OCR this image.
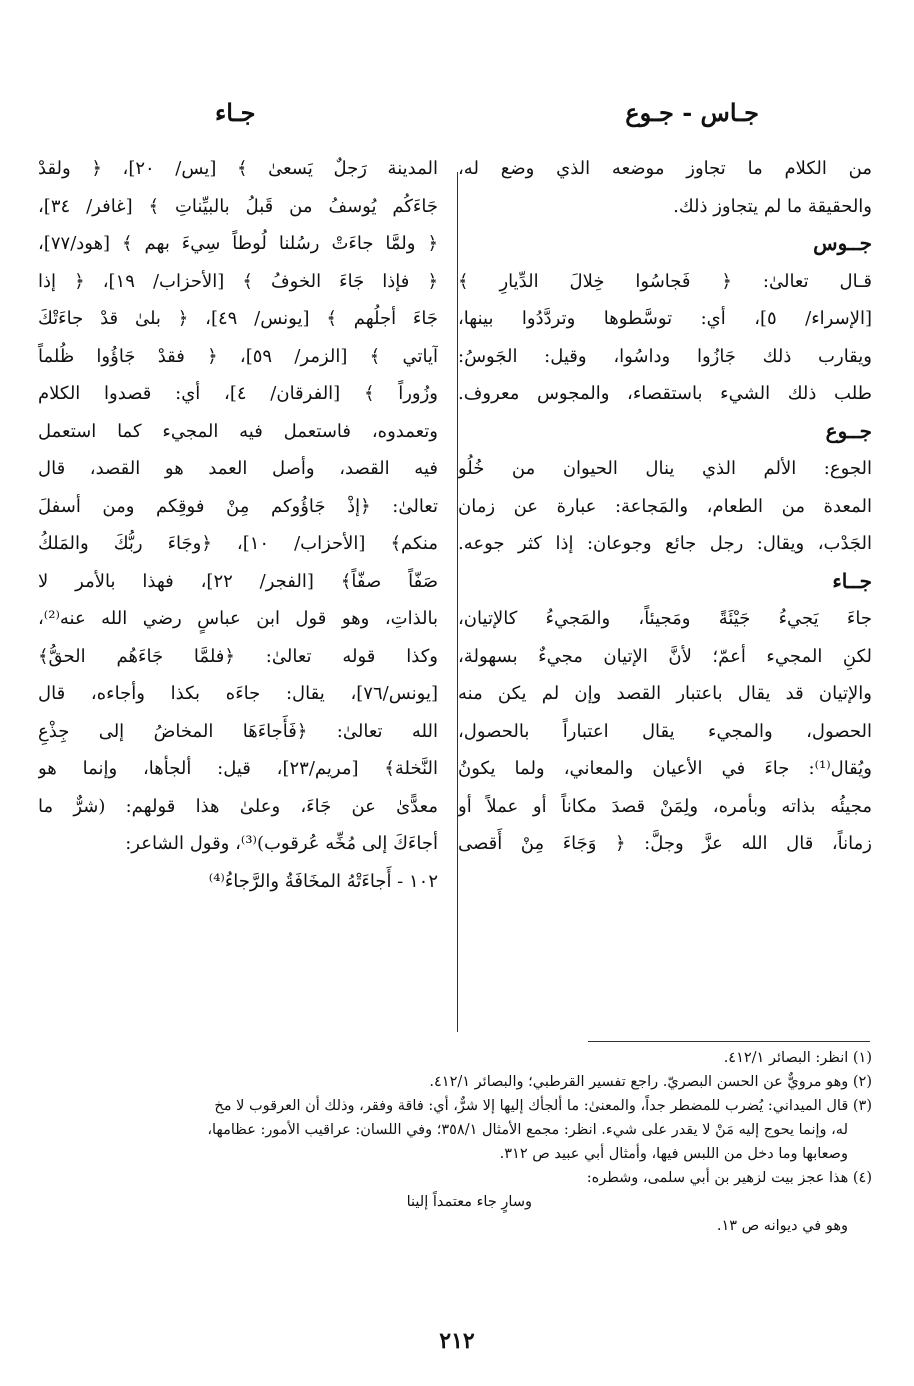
جـاس - جـوع
جـاء
من الكلام ما تجاوز موضعه الذي وضع له،
والحقيقة ما لم يتجاوز ذلك.
جــوس
قـال تعالىٰ: ﴿ فَجاسُوا خِلالَ الدِّيارِ ﴾
[الإسراء/ ٥]، أي: توسَّطوها وتردَّدُوا بينها،
ويقارب ذلك جَازُوا وداسُوا، وقيل: الجَوسُ:
طلب ذلك الشيء باستقصاء، والمجوس معروف.
جــوع
الجوع: الألم الذي ينال الحيوان من خُلُو
المعدة من الطعام، والمَجاعة: عبارة عن زمان
الجَدْب، ويقال: رجل جائع وجوعان: إذا كثر جوعه.
جــاء
جاءَ يَجيءُ جَيْئَةً ومَجيئاً، والمَجيءُ كالإتيان،
لكنِ المجيء أعمّ؛ لأنَّ الإتيان مجيءٌ بسهولة،
والإتيان قد يقال باعتبار القصد وإن لم يكن منه
الحصول، والمجيء يقال اعتباراً بالحصول،
ويُقال⁽¹⁾: جاءَ في الأعيان والمعاني، ولما يكونُ
مجيئُه بذاته وبأمره، ولِمَنْ قصدَ مكاناً أو عملاً أو
زماناً، قال الله عزَّ وجلَّ: ﴿ وَجَاءَ مِنْ أَقصى
المدينة رَجلٌ يَسعىٰ ﴾ [يس/ ٢٠]، ﴿ ولقدْ
جَاءَكُم يُوسفُ من قَبلُ بالبيِّناتِ ﴾ [غافر/ ٣٤]،
﴿ ولمَّا جاءَتْ رسُلنا لُوطاً سِيءَ بهم ﴾ [هود/٧٧]،
﴿ فإذا جَاءَ الخوفُ ﴾ [الأحزاب/ ١٩]، ﴿ إذا
جَاءَ أجلُهم ﴾ [يونس/ ٤٩]، ﴿ بلىٰ قدْ جاءَتْكَ
آياتي ﴾ [الزمر/ ٥٩]، ﴿ فقدْ جَاؤُوا ظُلماً
وزُوراً ﴾ [الفرقان/ ٤]، أي: قصدوا الكلام
وتعمدوه، فاستعمل فيه المجيء كما استعمل
فيه القصد، وأصل العمد هو القصد، قال
تعالىٰ: ﴿إذْ جَاؤُوكم مِنْ فوقِكم ومن أسفلَ
منكم﴾ [الأحزاب/ ١٠]، ﴿وجَاءَ ربُّكَ والمَلكُ
صَفّاً صفّاً﴾ [الفجر/ ٢٢]، فهذا بالأمر لا
بالذاتِ، وهو قول ابن عباسٍ رضي الله عنه⁽²⁾،
وكذا قوله تعالىٰ: ﴿فلمَّا جَاءَهُم الحقُّ﴾
[يونس/٧٦]، يقال: جاءَه بكذا وأجاءه، قال
الله تعالىٰ: ﴿فَأَجاءَهَا المخاضُ إلى جِذْعِ
النَّخلة﴾ [مريم/٢٣]، قيل: ألجأها، وإنما هو
معدًّىٰ عن جَاءَ، وعلىٰ هذا قولهم: (شرٌّ ما
أجاءَكَ إلى مُخِّه عُرقوب)⁽³⁾، وقول الشاعر:
١٠٢ - أَجاءَتْهُ المخَافَةُ والرَّجاءُ⁽⁴⁾
(١) انظر: البصائر ٤١٢/١.
(٢) وهو مرويٌّ عن الحسن البصريّ. راجع تفسير القرطبي؛ والبصائر ٤١٢/١.
(٣) قال الميداني: يُضرب للمضطر جداً، والمعنىٰ: ما ألجأك إليها إلا شرٌّ، أي: فاقة وفقر، وذلك أن العرقوب لا مخ
له، وإنما يحوج إليه مَنْ لا يقدر على شيء. انظر: مجمع الأمثال ٣٥٨/١؛ وفي اللسان: عراقيب الأمور: عظامها،
وصعابها وما دخل من اللبس فيها، وأمثال أبي عبيد ص ٣١٢.
(٤) هذا عجز بيت لزهير بن أبي سلمى، وشطره:
وسارٍ جاء معتمداً إلينا
وهو في ديوانه ص ١٣.
٢١٢
